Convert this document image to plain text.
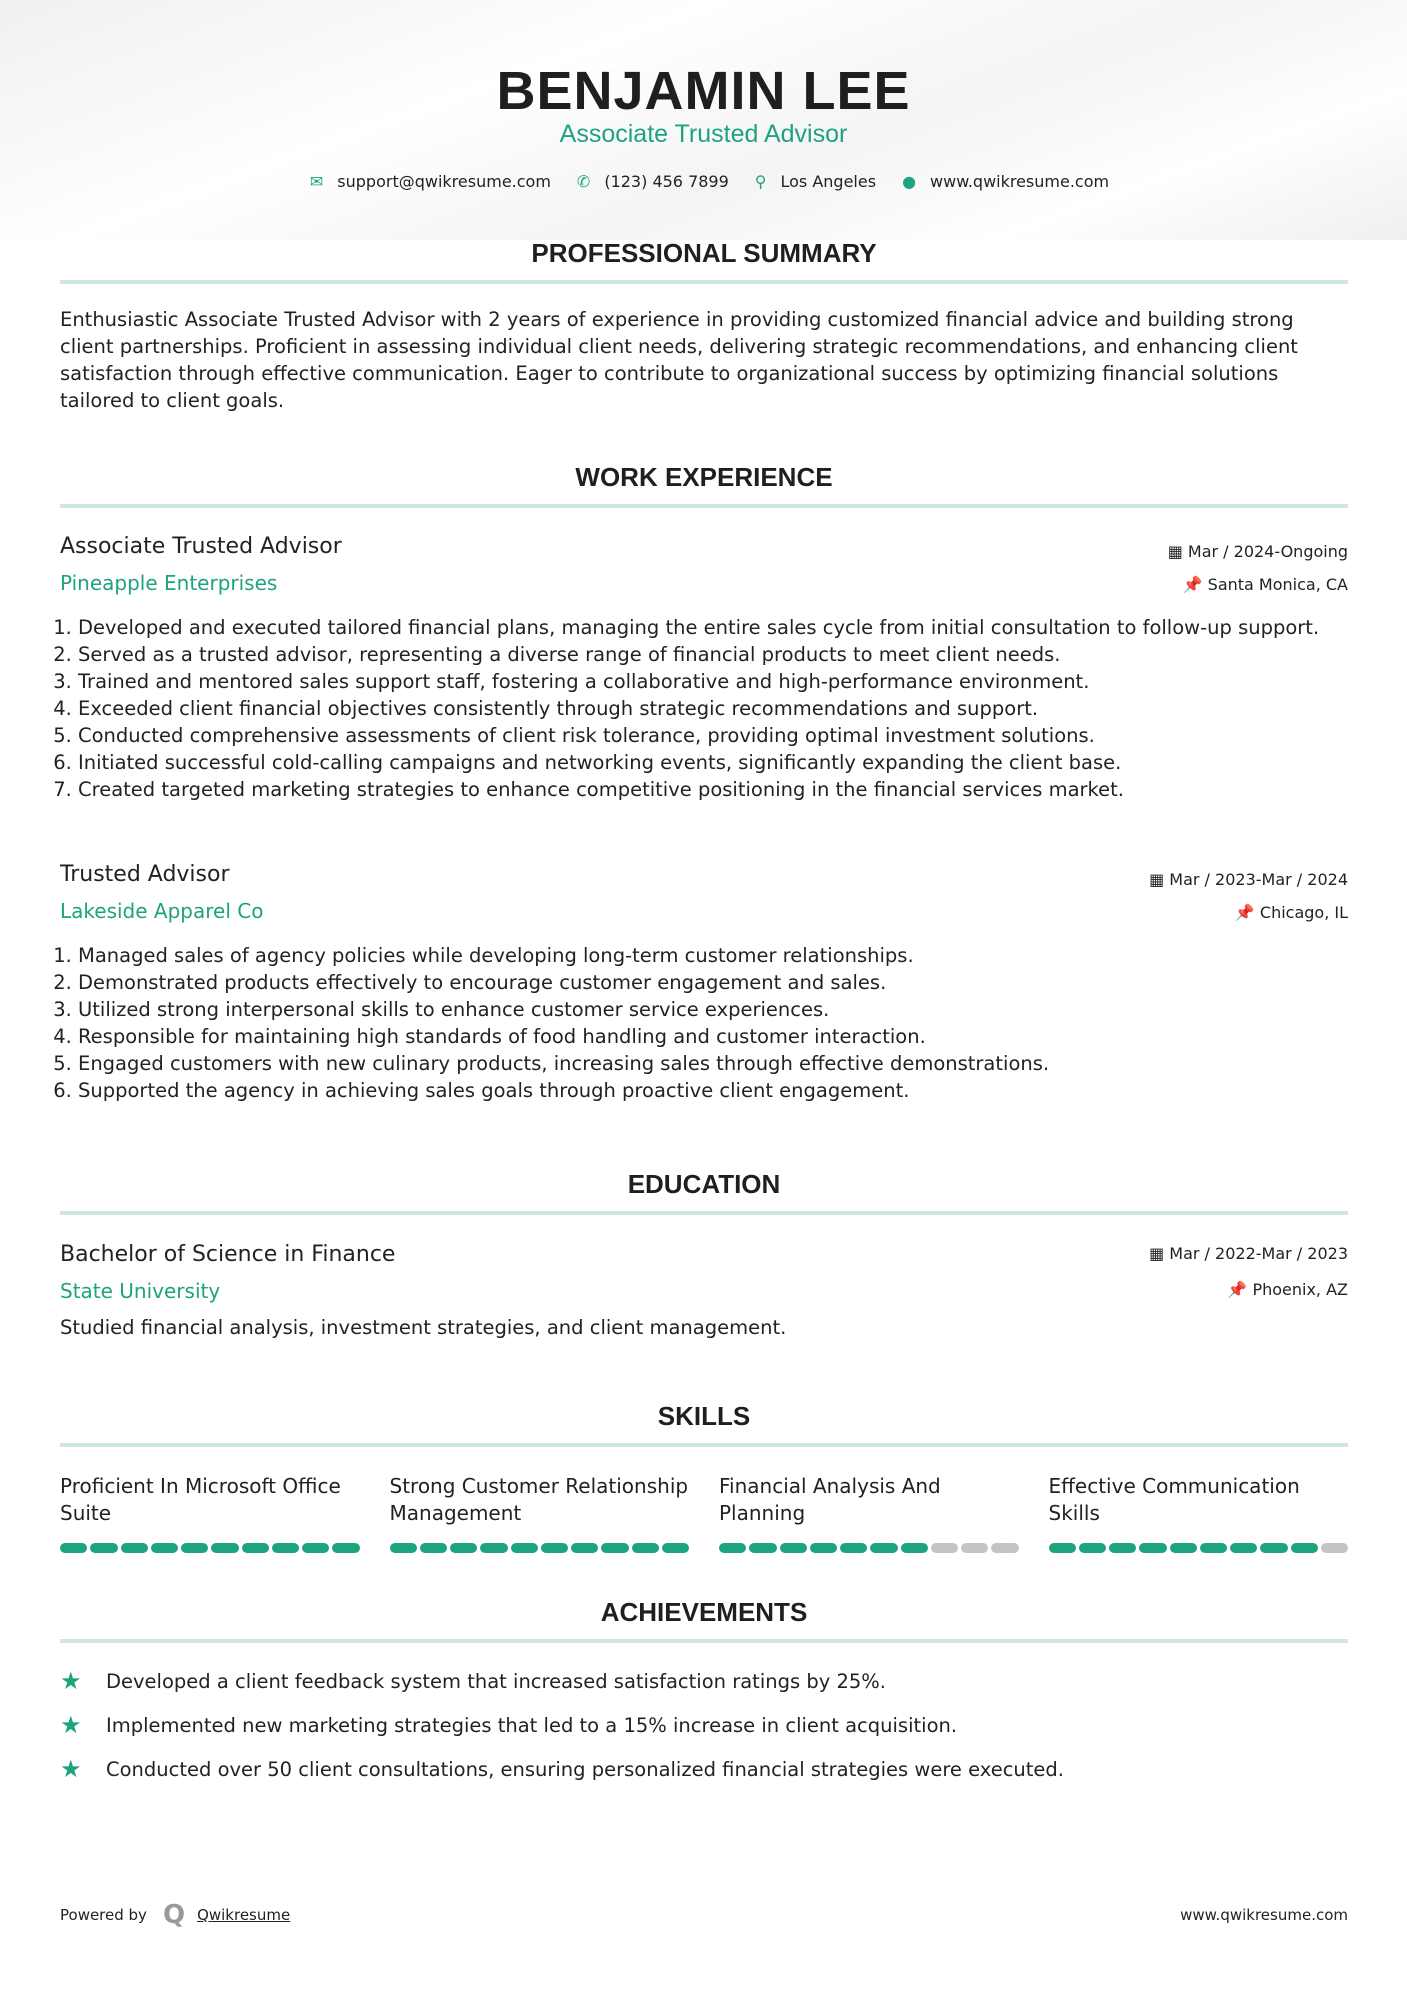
BENJAMIN LEE
Associate Trusted Advisor
✉ support@qwikresume.com ✆ (123) 456 7899 ⚲ Los Angeles ● www.qwikresume.com
PROFESSIONAL SUMMARY

Enthusiastic Associate Trusted Advisor with 2 years of experience in providing customized financial advice and building strong client partnerships. Proficient in assessing individual client needs, delivering strategic recommendations, and enhancing client satisfaction through effective communication. Eager to contribute to organizational success by optimizing financial solutions tailored to client goals.

WORK EXPERIENCE
Associate Trusted Advisor
Pineapple Enterprises
▦ Mar / 2024-Ongoing
📌 Santa Monica, CA
1. Developed and executed tailored financial plans, managing the entire sales cycle from initial consultation to follow-up support.
2. Served as a trusted advisor, representing a diverse range of financial products to meet client needs.
3. Trained and mentored sales support staff, fostering a collaborative and high-performance environment.
4. Exceeded client financial objectives consistently through strategic recommendations and support.
5. Conducted comprehensive assessments of client risk tolerance, providing optimal investment solutions.
6. Initiated successful cold-calling campaigns and networking events, significantly expanding the client base.
7. Created targeted marketing strategies to enhance competitive positioning in the financial services market.
Trusted Advisor
Lakeside Apparel Co
▦ Mar / 2023-Mar / 2024
📌 Chicago, IL
1. Managed sales of agency policies while developing long-term customer relationships.
2. Demonstrated products effectively to encourage customer engagement and sales.
3. Utilized strong interpersonal skills to enhance customer service experiences.
4. Responsible for maintaining high standards of food handling and customer interaction.
5. Engaged customers with new culinary products, increasing sales through effective demonstrations.
6. Supported the agency in achieving sales goals through proactive client engagement.
EDUCATION
Bachelor of Science in Finance
State University
▦ Mar / 2022-Mar / 2023
📌 Phoenix, AZ

Studied financial analysis, investment strategies, and client management.

SKILLS
Proficient In Microsoft Office Suite
Strong Customer Relationship Management
Financial Analysis And Planning
Effective Communication Skills
ACHIEVEMENTS
★	Developed a client feedback system that increased satisfaction ratings by 25%.
★	Implemented new marketing strategies that led to a 15% increase in client acquisition.
★	Conducted over 50 client consultations, ensuring personalized financial strategies were executed.
Powered by Q Qwikresume	www.qwikresume.com
